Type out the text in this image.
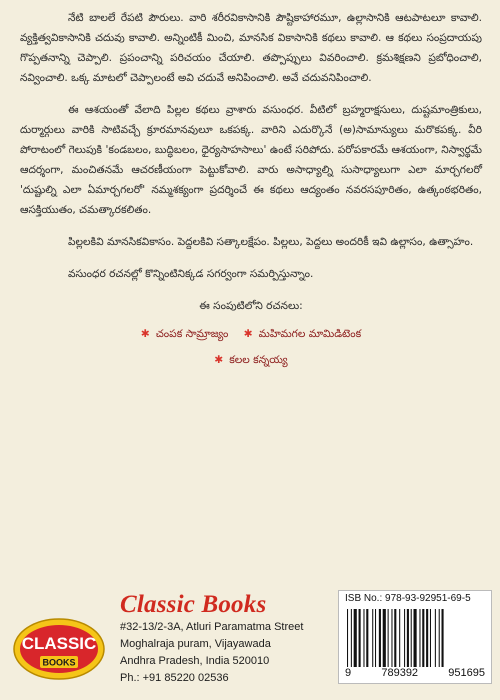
నేటి బాలలే రేపటి పౌరులు. వారి శరీరవికాసానికి పౌష్టికాహారమూ, ఉల్లాసానికి ఆటపాటలూ కావాలి. వ్యక్తిత్వవికాసానికి చదువు కావాలి. అన్నింటికీ మించి, మానసిక వికాసానికి కథలు కావాలి. ఆ కథలు సంప్రదాయపు గొప్పతనాన్ని చెప్పాలి. ప్రపంచాన్ని పరిచయం చేయాలి. తప్పొప్పులు వివరించాలి. క్రమశిక్షణని ప్రబోధించాలి, నవ్వించాలి. ఒక్క మాటలో చెప్పాలంటే అవి చదువే అనిపించాలి. అవే చదువనిపించాలి.

ఈ ఆశయంతో వేలాది పిల్లల కథలు వ్రాశారు వసుంధర. వీటిలో బ్రహ్మరాక్షసులు, దుష్టమాంత్రికులు, దుర్మార్గులు వారికి సాటివచ్చే క్రూరమానవులూ ఒకపక్క. వారిని ఎదుర్కొనే (అ)సామాన్యులు మరొకపక్క. వీరి పోరాటంలో గెలుపుకి 'కండబలం, బుద్ధిబలం, ధైర్యసాహసాలు' ఉంటే సరిపోదు. పరోపకారమే ఆశయంగా, నిస్వార్థమే ఆదర్శంగా, మంచితనమే ఆచరణీయంగా పెట్టుకోవాలి. వారు అసాధ్యాల్ని సుసాధ్యాలుగా ఎలా మార్చగలరో 'దుష్టుల్ని ఎలా ఏమార్చగలరో' నమ్మశక్యంగా ప్రదర్శించే ఈ కథలు ఆద్యంతం నవరసపూరితం, ఉత్కంఠభరితం, ఆసక్తియుతం, చమత్కారకలితం.

పిల్లలకివి మానసికవికాసం. పెద్దలకివి సత్కాలక్షేపం. పిల్లలు, పెద్దలు అందరికీ ఇవి ఉల్లాసం, ఉత్సాహం.

వసుంధర రచనల్లో కొన్నింటినిక్కడ సగర్వంగా సమర్పిస్తున్నాం.

ఈ సంపుటిలోని రచనలు:

✱ చంపక సామ్రాజ్యం ✱ మహిమగల మామిడిటెంక
✱ కలల కన్నయ్య
CLASSIC
BOOKS
Classic Books
#32-13/2-3A, Atluri Paramatma Street
Moghalraja puram, Vijayawada
Andhra Pradesh, India 520010
Ph.: +91 85220 02536
ISB No.: 978-93-92951-69-5
9	789392	951695
